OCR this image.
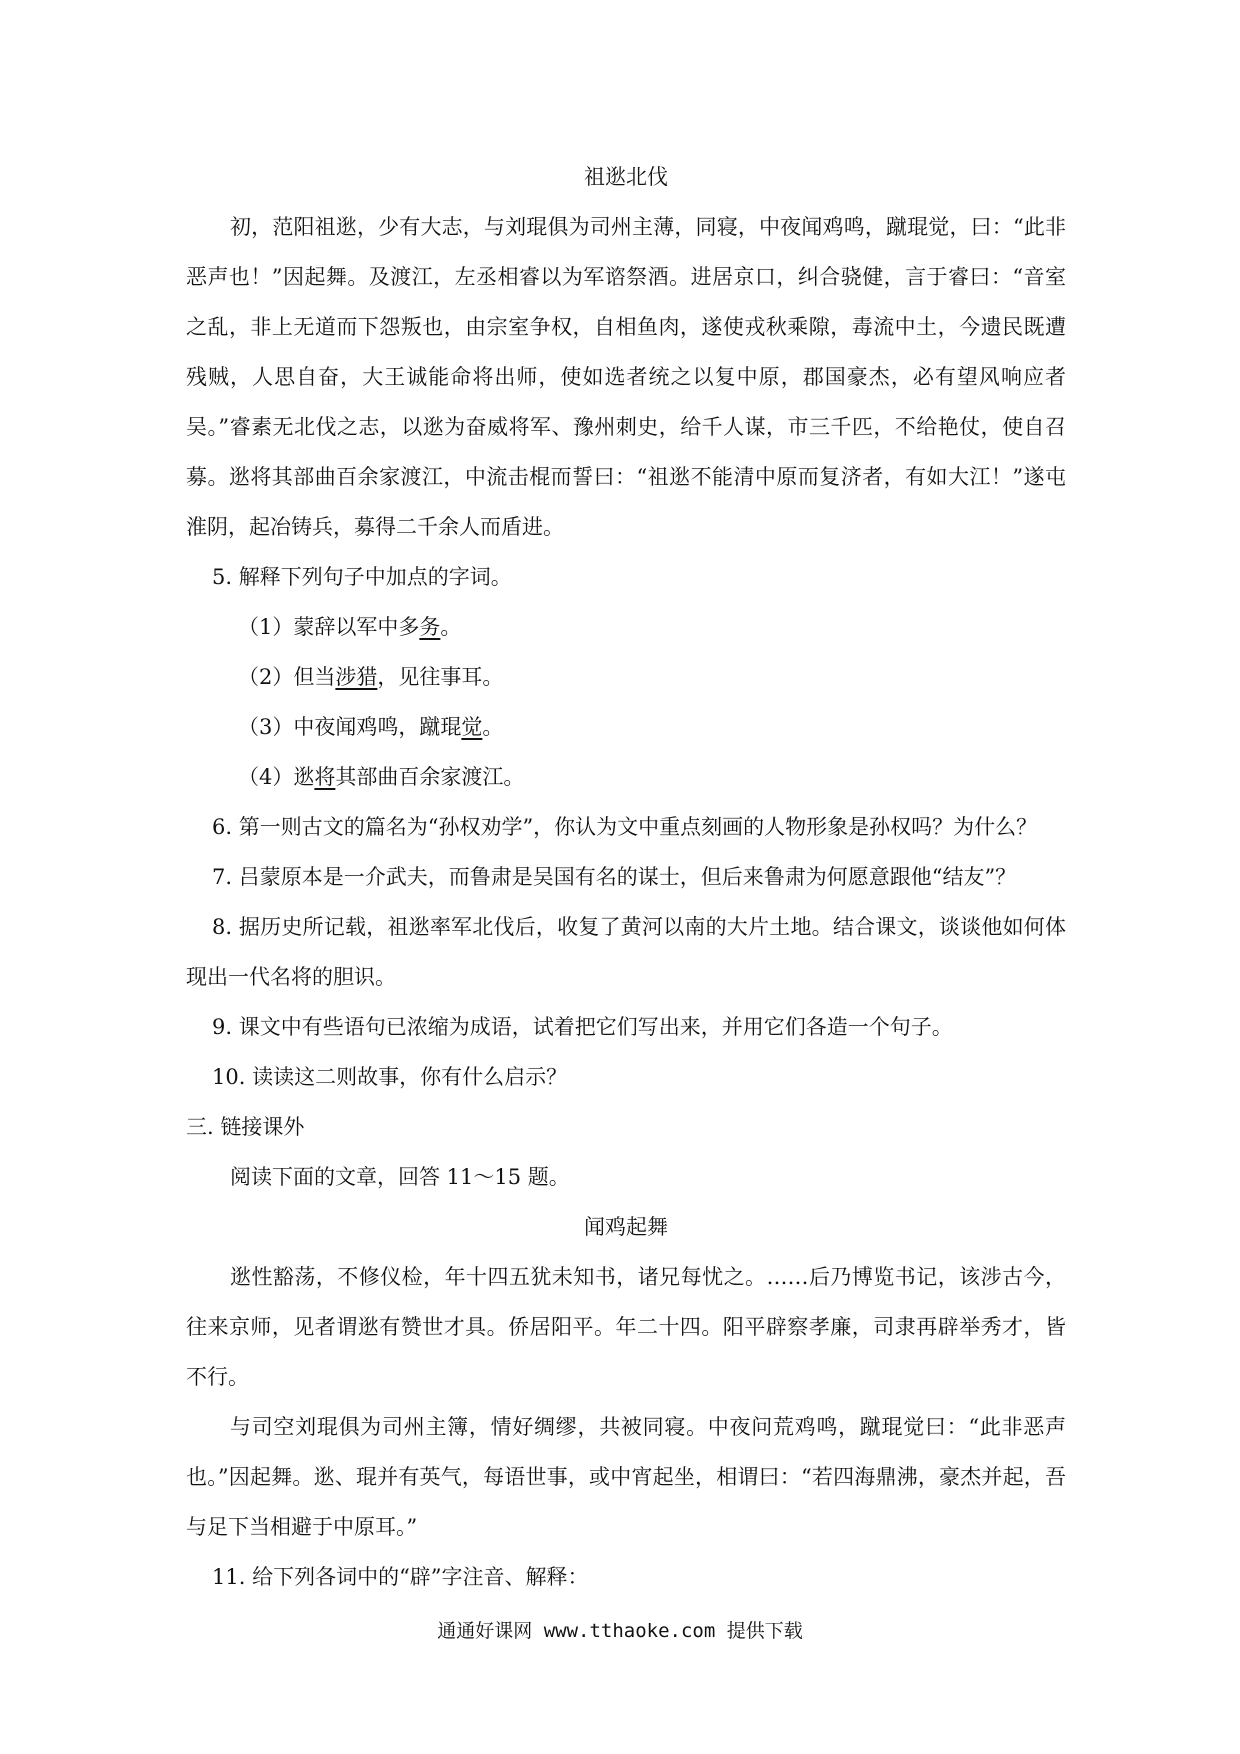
祖逖北伐

初，范阳祖逖，少有大志，与刘琨俱为司州主薄，同寝，中夜闻鸡鸣，蹴琨觉，曰：“此非恶声也！”因起舞。及渡江，左丞相睿以为军谘祭酒。进居京口，纠合骁健，言于睿曰：“音室之乱，非上无道而下怨叛也，由宗室争权，自相鱼肉，遂使戎秋乘隙，毒流中土，今遗民既遭残贼，人思自奋，大王诚能命将出师，使如选者统之以复中原，郡国豪杰，必有望风响应者吴。”睿素无北伐之志，以逖为奋威将军、豫州刺史，给千人谋，市三千匹，不给艳仗，使自召募。逖将其部曲百余家渡江，中流击棍而誓曰：“祖逖不能清中原而复济者，有如大江！”遂屯淮阴，起冶铸兵，募得二千余人而盾进。

5. 解释下列句子中加点的字词。

（1）蒙辞以军中多务。

（2）但当涉猎，见往事耳。

（3）中夜闻鸡鸣，蹴琨觉。

（4）逖将其部曲百余家渡江。

6. 第一则古文的篇名为“孙权劝学”，你认为文中重点刻画的人物形象是孙权吗？为什么？

7. 吕蒙原本是一介武夫，而鲁肃是吴国有名的谋士，但后来鲁肃为何愿意跟他“结友”？

8. 据历史所记载，祖逖率军北伐后，收复了黄河以南的大片土地。结合课文，谈谈他如何体现出一代名将的胆识。

9. 课文中有些语句已浓缩为成语，试着把它们写出来，并用它们各造一个句子。

10. 读读这二则故事，你有什么启示？

三. 链接课外

阅读下面的文章，回答 11～15 题。

闻鸡起舞

逖性豁荡，不修仪检，年十四五犹未知书，诸兄每忧之。……后乃博览书记，该涉古今，往来京师，见者谓逖有赞世才具。侨居阳平。年二十四。阳平辟察孝廉，司隶再辟举秀才，皆不行。

与司空刘琨俱为司州主簿，情好绸缪，共被同寝。中夜问荒鸡鸣，蹴琨觉曰：“此非恶声也。”因起舞。逖、琨并有英气，每语世事，或中宵起坐，相谓曰：“若四海鼎沸，豪杰并起，吾与足下当相避于中原耳。”

11. 给下列各词中的“辟”字注音、解释：

通通好课网 www.tthaoke.com 提供下载
